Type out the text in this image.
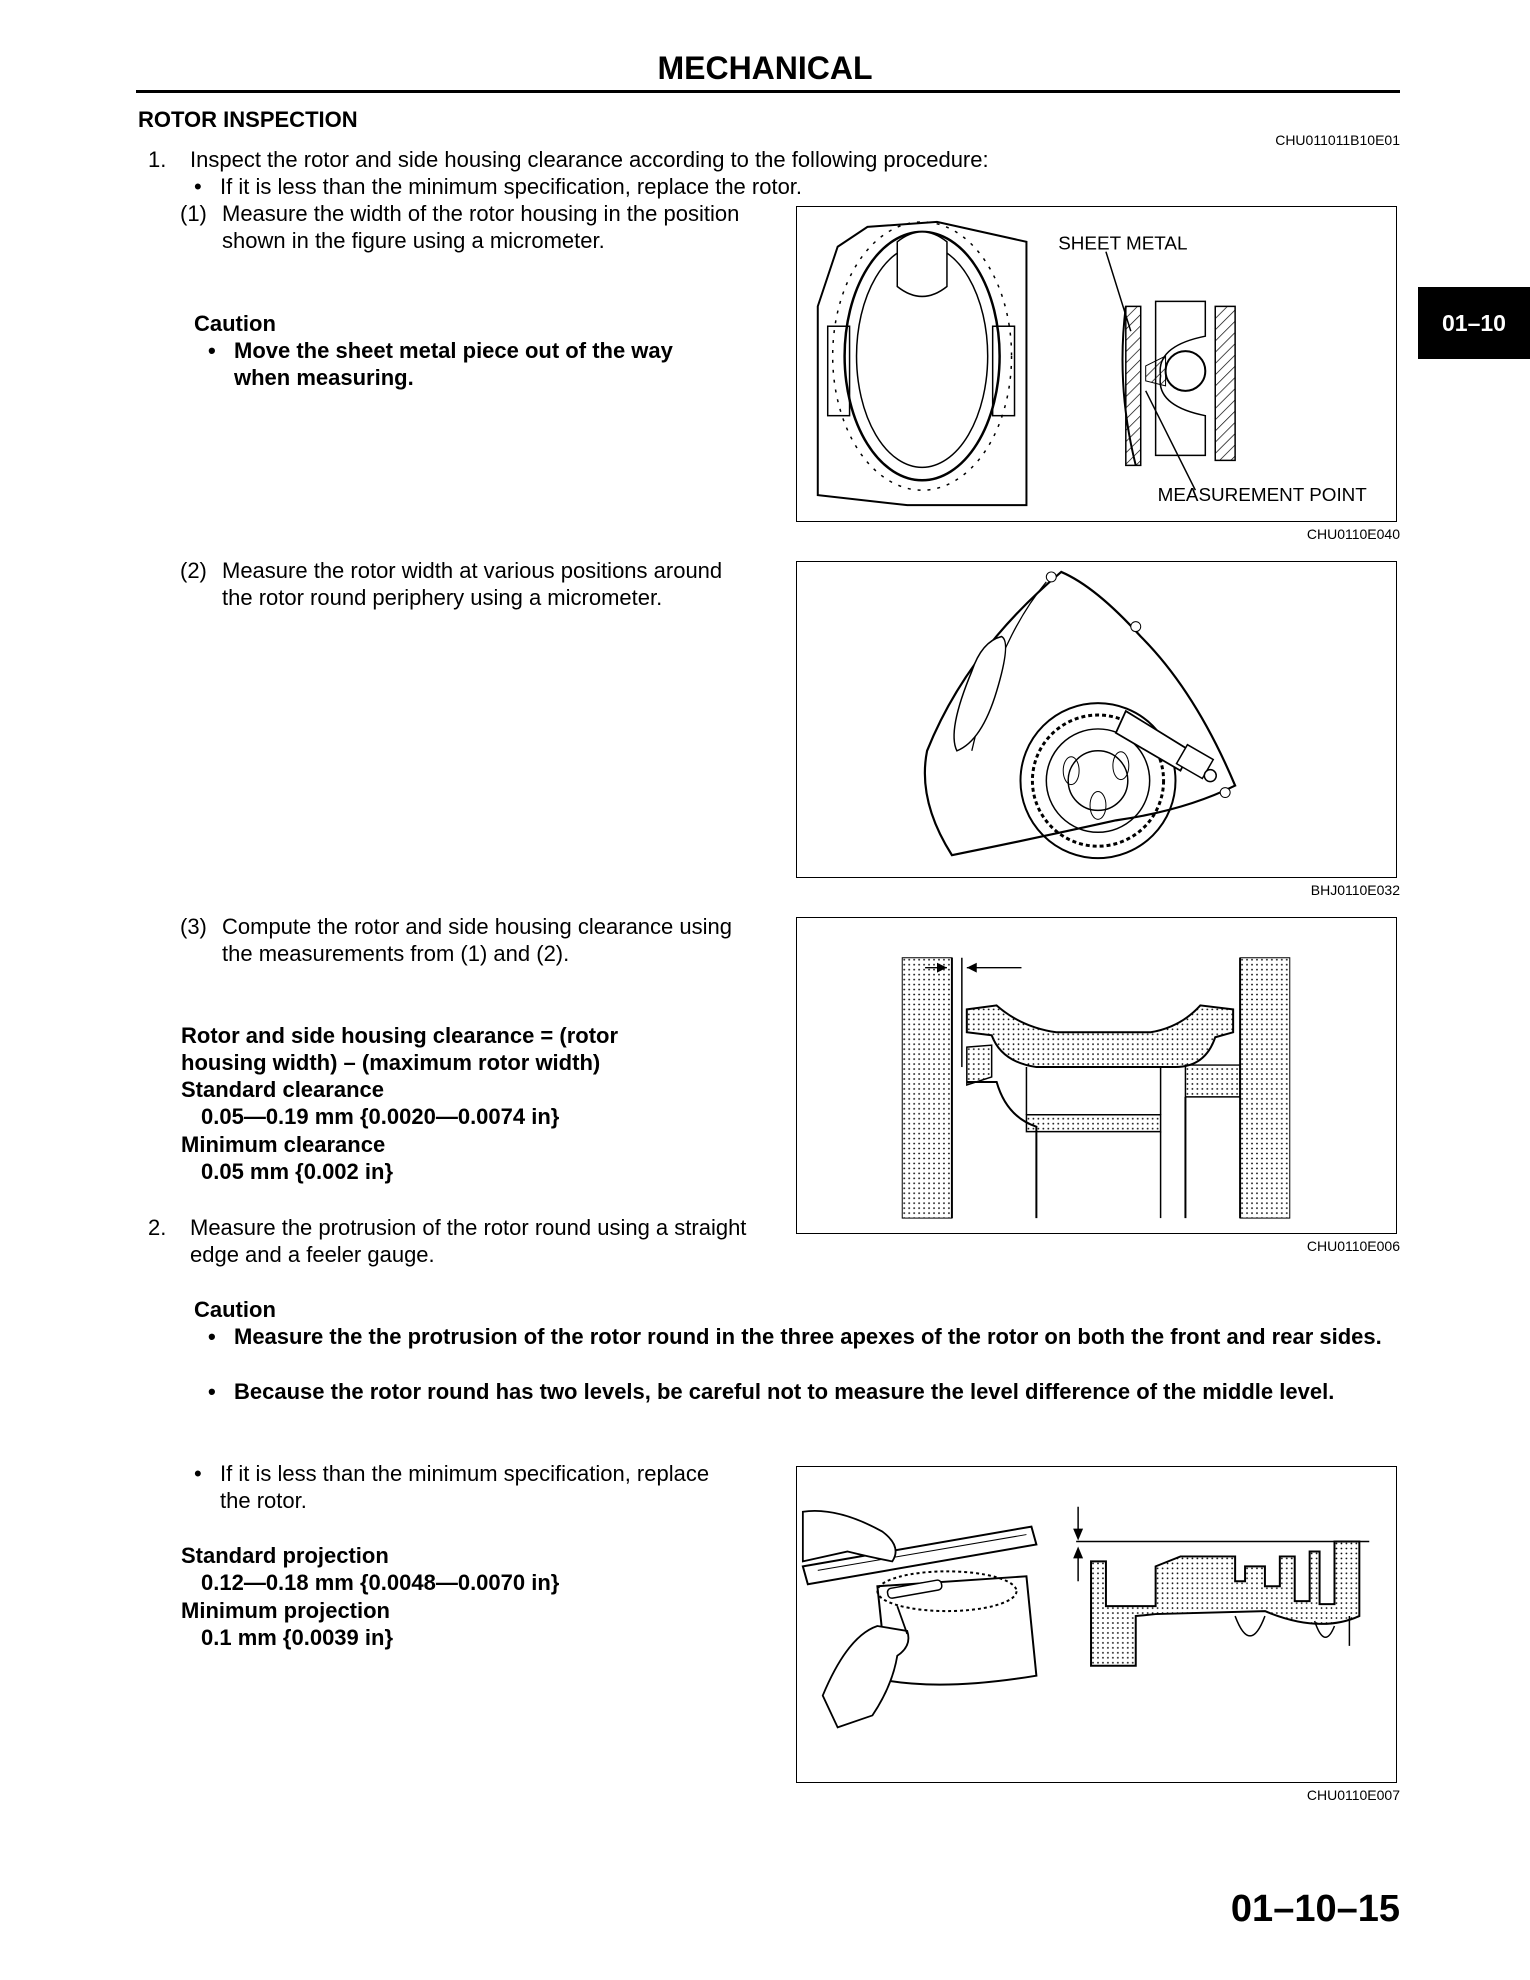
MECHANICAL
ROTOR INSPECTION
CHU011011B10E01
01–10
1.	Inspect the rotor and side housing clearance according to the following procedure:
• If it is less than the minimum specification, replace the rotor.
(1) Measure the width of the rotor housing in the position shown in the figure using a micrometer.
Caution
• Move the sheet metal piece out of the way when measuring.
SHEET METAL
MEASUREMENT POINT
CHU0110E040
(2) Measure the rotor width at various positions around the rotor round periphery using a micrometer.
BHJ0110E032
(3) Compute the rotor and side housing clearance using the measurements from (1) and (2).
Rotor and side housing clearance = (rotor housing width) – (maximum rotor width)
Standard clearance
0.05—0.19 mm {0.0020—0.0074 in}
Minimum clearance
0.05 mm {0.002 in}
CHU0110E006
2.	Measure the protrusion of the rotor round using a straight edge and a feeler gauge.
Caution
• Measure the the protrusion of the rotor round in the three apexes of the rotor on both the front and rear sides.
• Because the rotor round has two levels, be careful not to measure the level difference of the middle level.
• If it is less than the minimum specification, replace the rotor.
Standard projection
0.12—0.18 mm {0.0048—0.0070 in}
Minimum projection
0.1 mm {0.0039 in}
CHU0110E007
01–10–15
